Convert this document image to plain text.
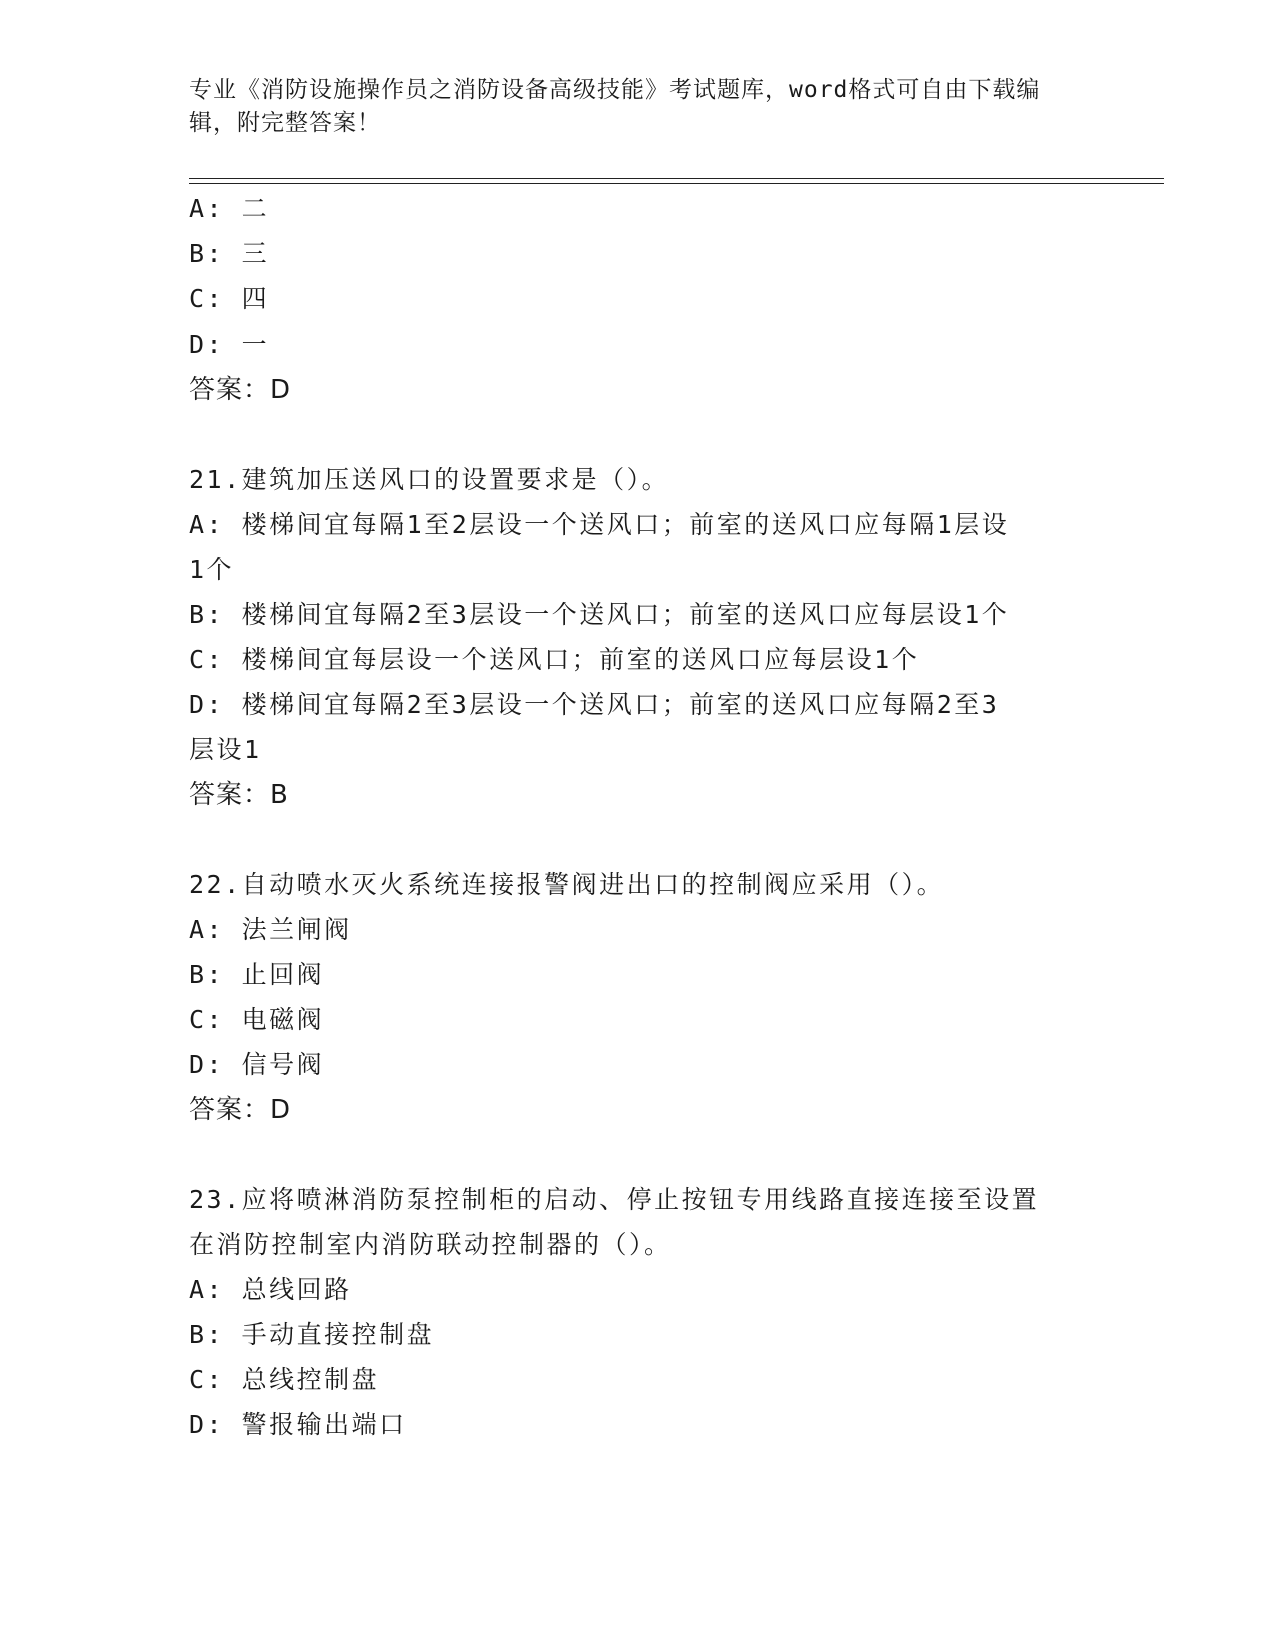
专业《消防设施操作员之消防设备高级技能》考试题库，word格式可自由下载编
辑，附完整答案！
A: 二
B: 三
C: 四
D: 一
答案：D
21.建筑加压送风口的设置要求是（）。
A: 楼梯间宜每隔1至2层设一个送风口；前室的送风口应每隔1层设
1个
B: 楼梯间宜每隔2至3层设一个送风口；前室的送风口应每层设1个
C: 楼梯间宜每层设一个送风口；前室的送风口应每层设1个
D: 楼梯间宜每隔2至3层设一个送风口；前室的送风口应每隔2至3
层设1
答案：B
22.自动喷水灭火系统连接报警阀进出口的控制阀应采用（）。
A: 法兰闸阀
B: 止回阀
C: 电磁阀
D: 信号阀
答案：D
23.应将喷淋消防泵控制柜的启动、停止按钮专用线路直接连接至设置
在消防控制室内消防联动控制器的（）。
A: 总线回路
B: 手动直接控制盘
C: 总线控制盘
D: 警报输出端口
